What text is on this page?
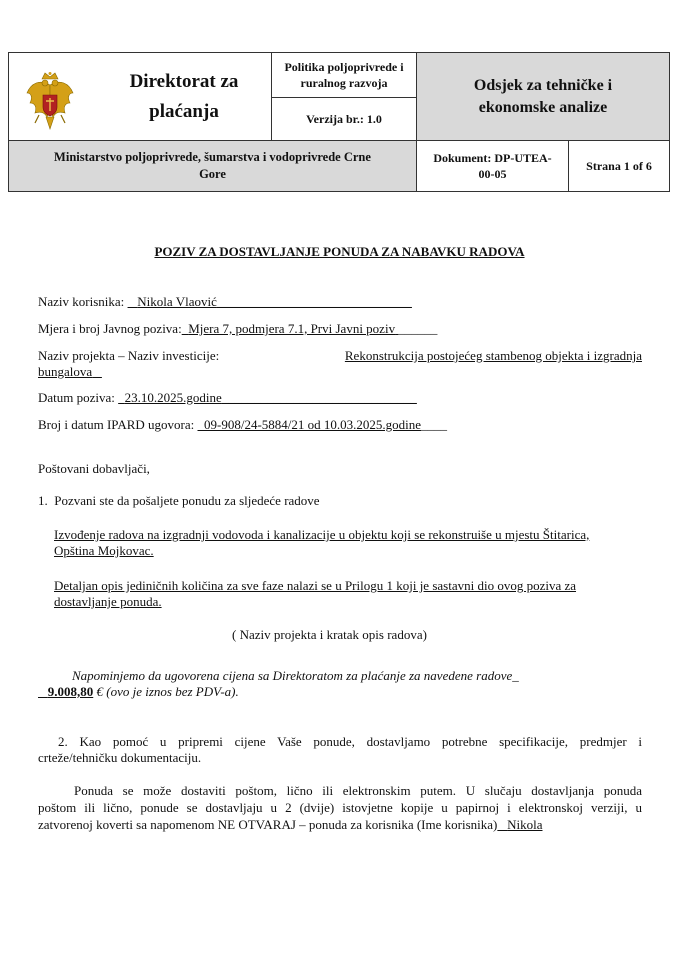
Direktorat za
plaćanja
Politika poljoprivrede i
ruralnog razvoja
Verzija br.: 1.0
Odsjek za tehničke i
ekonomske analize
Ministarstvo poljoprivrede, šumarstva i vodoprivrede Crne
Gore
Dokument: DP-UTEA-
00-05
Strana 1 of 6
POZIV ZA DOSTAVLJANJE PONUDA ZA NABAVKU RADOVA
Naziv korisnika: Nikola Vlaović______________________________
Mjera i broj Javnog poziva: Mjera 7, podmjera 7.1, Prvi Javni poziv ______
Naziv projekta – Naziv investicije:	Rekonstrukcija postojećeg stambenog objekta i izgradnja
bungalova
Datum poziva: 23.10.2025.godine______________________________
Broj i datum IPARD ugovora: 09-908/24-5884/21 od 10.03.2025.godine____
Poštovani dobavljači,
1. Pozvani ste da pošaljete ponudu za sljedeće radove
Izvođenje radova na izgradnji vodovoda i kanalizacije u objektu koji se rekonstruiše u mjestu Štitarica,
Opština Mojkovac.
Detaljan opis jediničnih količina za sve faze nalazi se u Prilogu 1 koji je sastavni dio ovog poziva za
dostavljanje ponuda.
( Naziv projekta i kratak opis radova)
Napominjemo da ugovorena cijena sa Direktoratom za plaćanje za navedene radove_
9.008,80 € (ovo je iznos bez PDV-a).
2. Kao pomoć u pripremi cijene Vaše ponude, dostavljamo potrebne specifikacije, predmjer i
crteže/tehničku dokumentaciju.
Ponuda se može dostaviti poštom, lično ili elektronskim putem. U slučaju dostavljanja ponuda
poštom ili lično, ponude se dostavljaju u 2 (dvije) istovjetne kopije u papirnoj i elektronskoj verziji, u
zatvorenoj koverti sa napomenom NE OTVARAJ – ponuda za korisnika (Ime korisnika) Nikola
